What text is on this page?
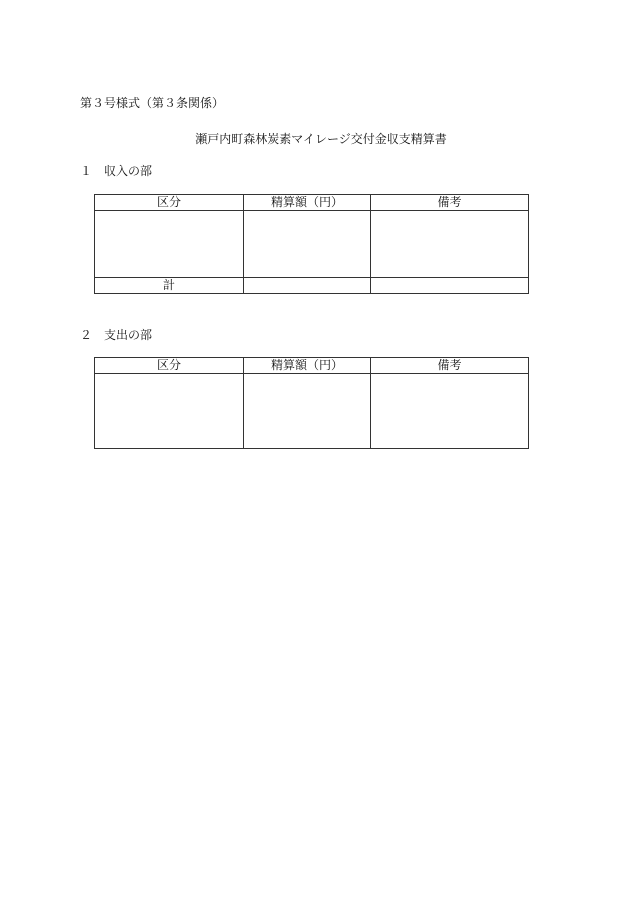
第３号様式（第３条関係）
瀬戸内町森林炭素マイレージ交付金収支精算書
１ 収入の部
区分	精算額（円）	備考

計		
２ 支出の部
区分	精算額（円）	備考
